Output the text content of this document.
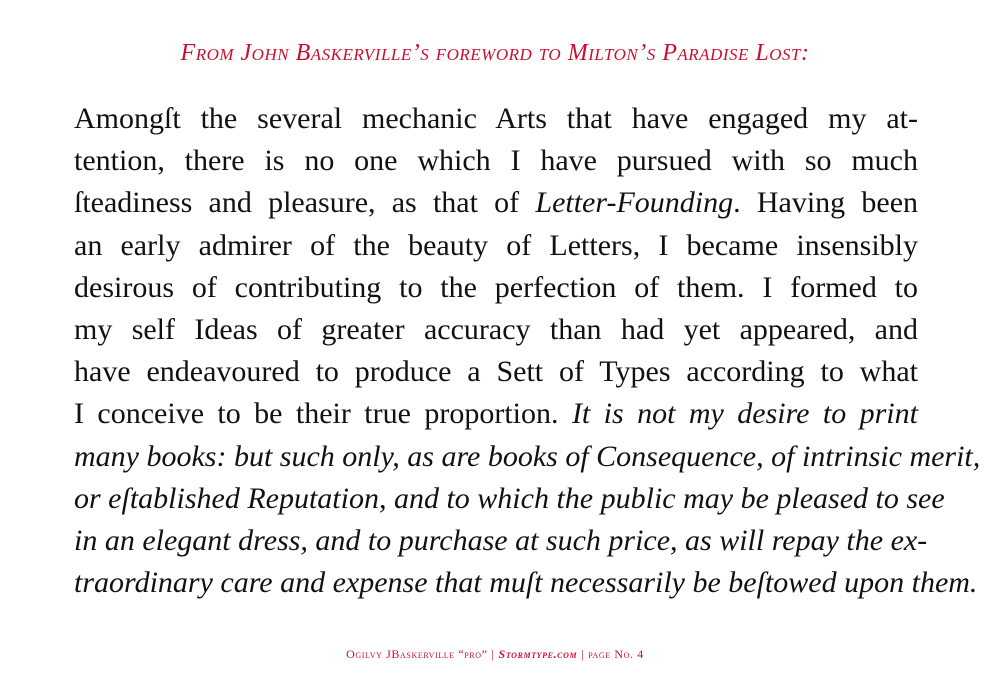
From John Baskerville’s foreword to Milton’s Paradise Lost:
Amongſt the several mechanic Arts that have engaged my at-
tention, there is no one which I have pursued with so much
ſteadiness and pleasure, as that of Letter-Founding. Having been
an early admirer of the beauty of Letters, I became insensibly
desirous of contributing to the perfection of them. I formed to
my self Ideas of greater accuracy than had yet appeared, and
have endeavoured to produce a Sett of Types according to what
I conceive to be their true proportion. It is not my desire to print
many books: but such only, as are books of Consequence, of intrinsic merit,
or eſtablished Reputation, and to which the public may be pleased to see
in an elegant dress, and to purchase at such price, as will repay the ex-
traordinary care and expense that muſt necessarily be beſtowed upon them.
Ogilvy JBaskerville “pro” | Stormtype.com | page No. 4
